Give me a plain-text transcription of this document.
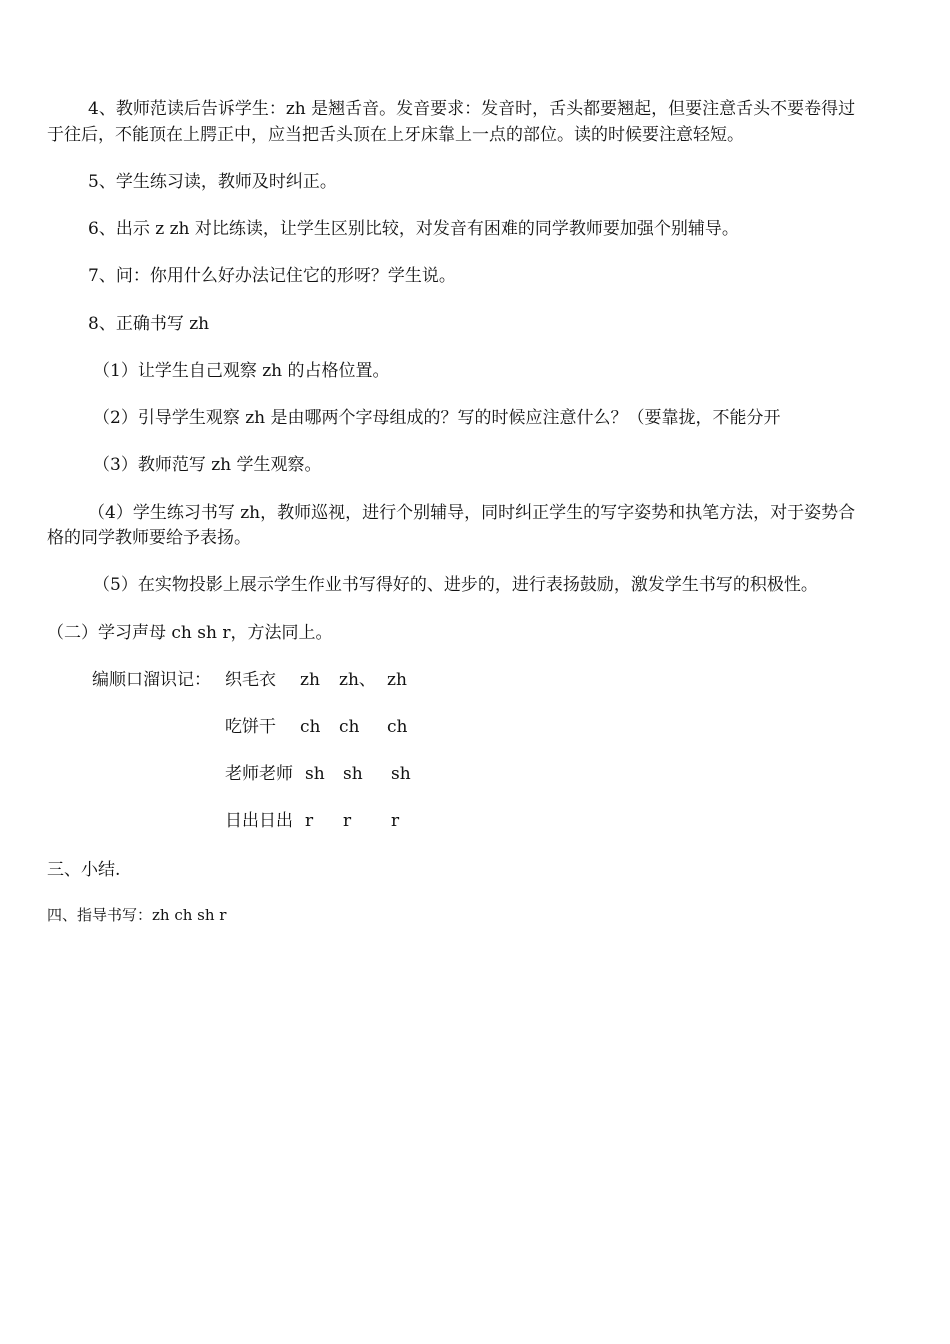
4、教师范读后告诉学生：zh 是翘舌音。发音要求：发音时，舌头都要翘起，但要注意舌头不要卷得过
于往后，不能顶在上腭正中，应当把舌头顶在上牙床靠上一点的部位。读的时候要注意轻短。
5、学生练习读，教师及时纠正。
6、出示 z zh 对比练读，让学生区别比较，对发音有困难的同学教师要加强个别辅导。
7、问：你用什么好办法记住它的形呀？学生说。
8、正确书写 zh
（1）让学生自己观察 zh 的占格位置。
（2）引导学生观察 zh 是由哪两个字母组成的？写的时候应注意什么？（要靠拢，不能分开
（3）教师范写 zh 学生观察。
（4）学生练习书写 zh，教师巡视，进行个别辅导，同时纠正学生的写字姿势和执笔方法，对于姿势合
格的同学教师要给予表扬。
（5）在实物投影上展示学生作业书写得好的、进步的，进行表扬鼓励，激发学生书写的积极性。
（二）学习声母 ch sh r，方法同上。
编顺口溜识记： 织毛衣 zh zh、 zh
吃饼干 ch ch ch
老师老师 sh sh sh
日出日出 r r r
三、小结.
四、指导书写：zh ch sh r
